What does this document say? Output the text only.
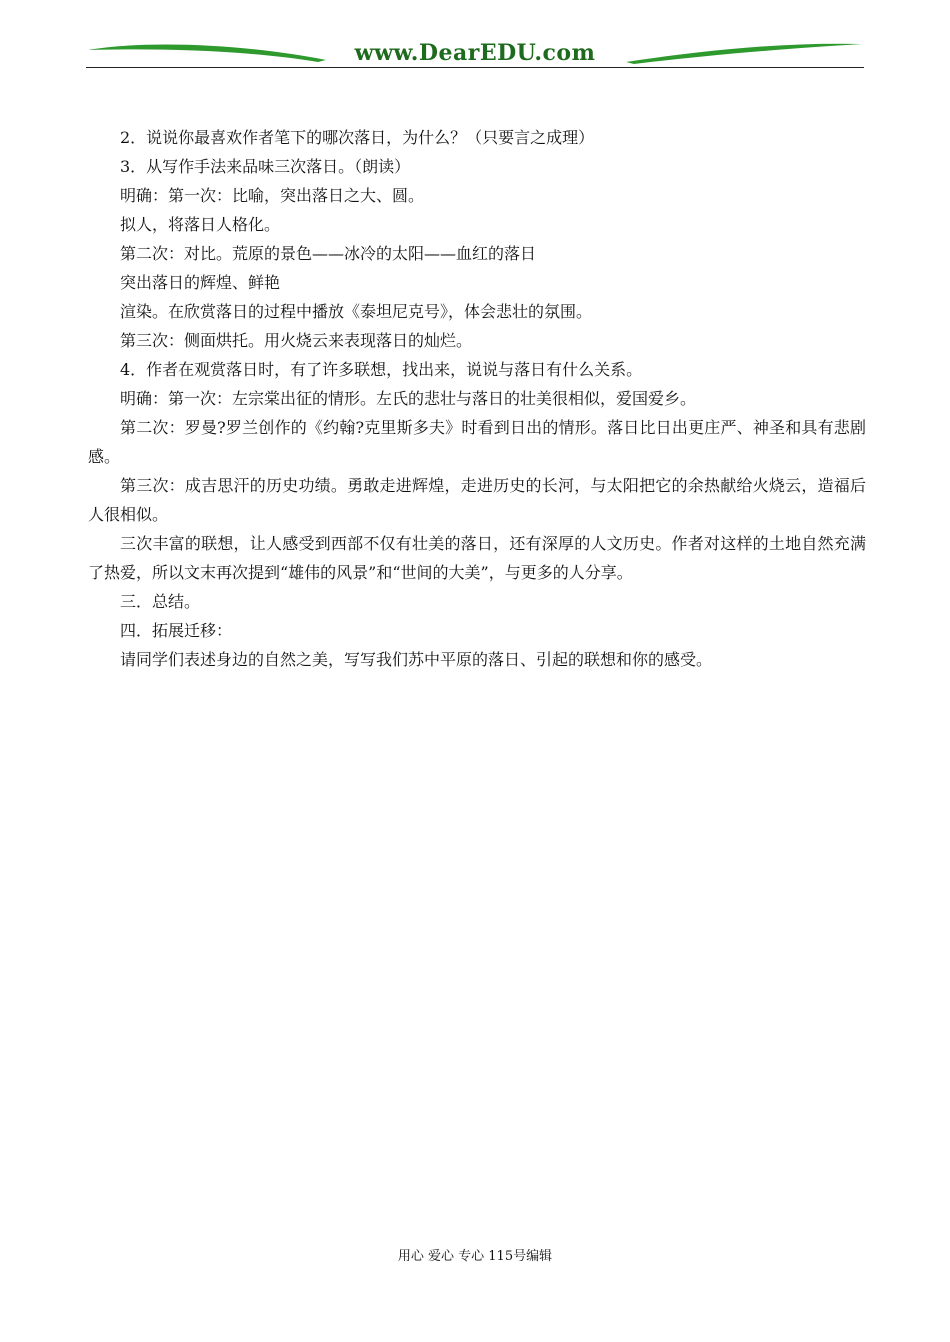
www.DearEDU.com

2．说说你最喜欢作者笔下的哪次落日，为什么？（只要言之成理）

3．从写作手法来品味三次落日。（朗读）

明确：第一次：比喻，突出落日之大、圆。

拟人，将落日人格化。

第二次：对比。荒原的景色——冰冷的太阳——血红的落日

突出落日的辉煌、鲜艳

渲染。在欣赏落日的过程中播放《泰坦尼克号》，体会悲壮的氛围。

第三次：侧面烘托。用火烧云来表现落日的灿烂。

4．作者在观赏落日时，有了许多联想，找出来，说说与落日有什么关系。

明确：第一次：左宗棠出征的情形。左氏的悲壮与落日的壮美很相似，爱国爱乡。

第二次：罗曼?罗兰创作的《约翰?克里斯多夫》时看到日出的情形。落日比日出更庄严、神圣和具有悲剧感。

第三次：成吉思汗的历史功绩。勇敢走进辉煌，走进历史的长河，与太阳把它的余热献给火烧云，造福后人很相似。

三次丰富的联想，让人感受到西部不仅有壮美的落日，还有深厚的人文历史。作者对这样的土地自然充满了热爱，所以文末再次提到“雄伟的风景”和“世间的大美”，与更多的人分享。

三．总结。

四．拓展迁移：

请同学们表述身边的自然之美，写写我们苏中平原的落日、引起的联想和你的感受。

用心 爱心 专心 115号编辑
